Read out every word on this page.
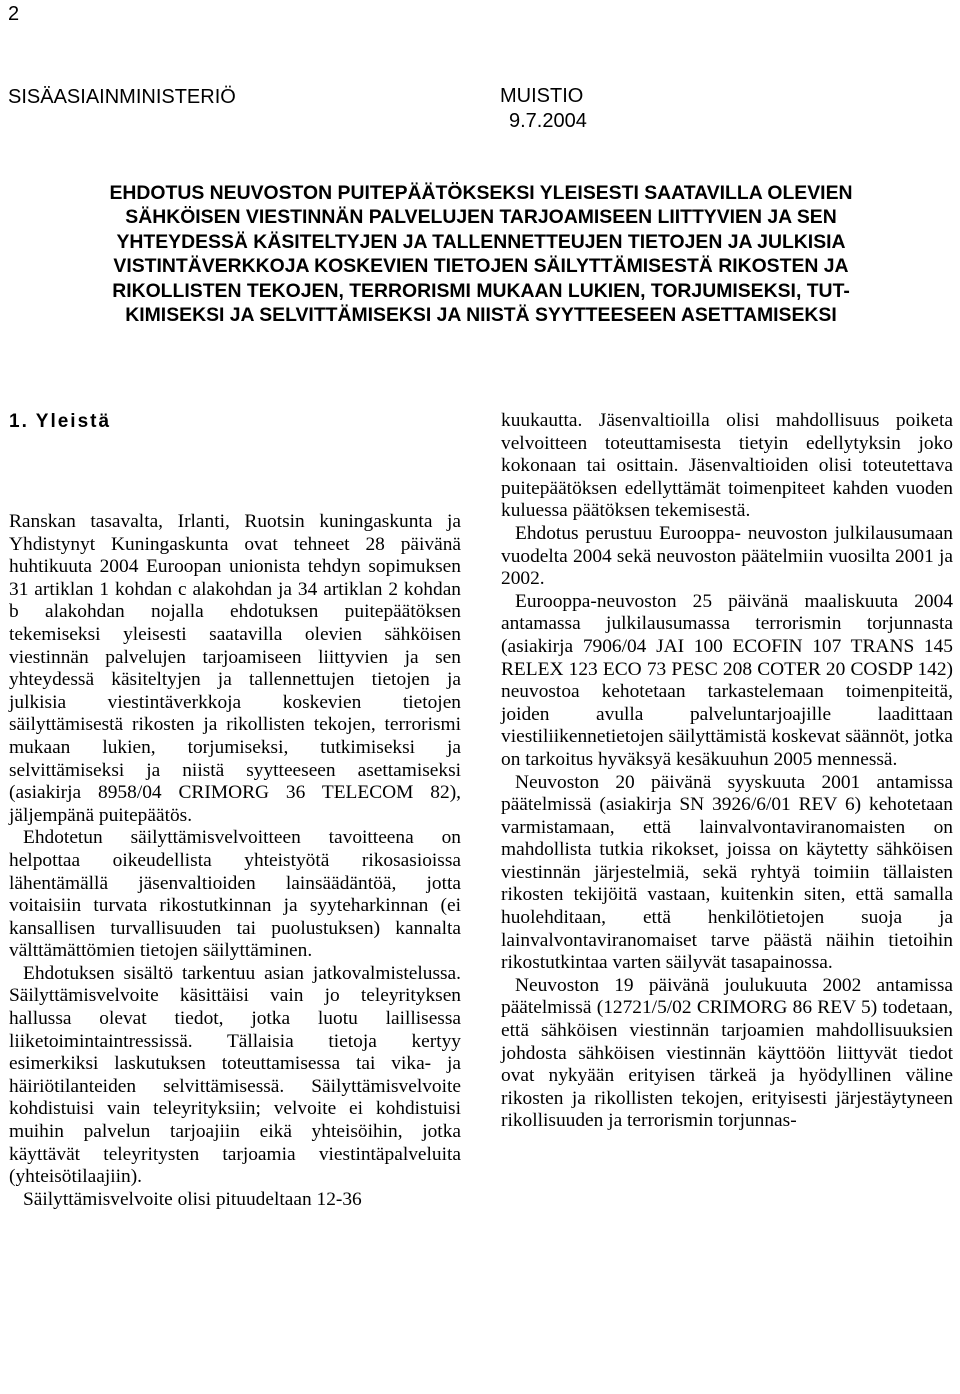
2
SISÄASIAINMINISTERIÖ	MUISTIO
9.7.2004
EHDOTUS NEUVOSTON PUITEPÄÄTÖKSEKSI YLEISESTI SAATAVILLA OLEVIEN
SÄHKÖISEN VIESTINNÄN PALVELUJEN TARJOAMISEEN LIITTYVIEN JA SEN
YHTEYDESSÄ KÄSITELTYJEN JA TALLENNETTEUJEN TIETOJEN JA JULKISIA
VISTINTÄVERKKOJA KOSKEVIEN TIETOJEN SÄILYTTÄMISESTÄ RIKOSTEN JA
RIKOLLISTEN TEKOJEN, TERRORISMI MUKAAN LUKIEN, TORJUMISEKSI, TUT-
KIMISEKSI JA SELVITTÄMISEKSI JA NIISTÄ SYYTTEESEEN ASETTAMISEKSI
1. Yleistä

Ranskan tasavalta, Irlanti, Ruotsin kuningaskunta ja Yhdistynyt Kuningaskunta ovat tehneet 28 päivänä huhtikuuta 2004 Euroopan unionista tehdyn sopimuksen 31 artiklan 1 kohdan c alakohdan ja 34 artiklan 2 kohdan b alakohdan nojalla ehdotuksen puitepäätöksen tekemiseksi yleisesti saatavilla olevien sähköisen viestinnän palvelujen tarjoamiseen liittyvien ja sen yhteydessä käsiteltyjen ja tallennettujen tietojen ja julkisia viestintäverkkoja koskevien tietojen säilyttämisestä rikosten ja rikollisten tekojen, terrorismi mukaan lukien, torjumiseksi, tutkimiseksi ja selvittämiseksi ja niistä syytteeseen asettamiseksi (asiakirja 8958/04 CRIMORG 36 TELECOM 82), jäljempänä puitepäätös.

Ehdotetun säilyttämisvelvoitteen tavoitteena on helpottaa oikeudellista yhteistyötä rikosasioissa lähentämällä jäsenvaltioiden lainsäädäntöä, jotta voitaisiin turvata rikostutkinnan ja syyteharkinnan (ei kansallisen turvallisuuden tai puolustuksen) kannalta välttämättömien tietojen säilyttäminen.

Ehdotuksen sisältö tarkentuu asian jatkovalmistelussa. Säilyttämisvelvoite käsittäisi vain jo teleyrityksen hallussa olevat tiedot, jotka luotu laillisessa liiketoimintaintressissä. Tällaisia tietoja kertyy esimerkiksi laskutuksen toteuttamisessa tai vika- ja häiriötilanteiden selvittämisessä. Säilyttämisvelvoite kohdistuisi vain teleyrityksiin; velvoite ei kohdistuisi muihin palvelun tarjoajiin eikä yhteisöihin, jotka käyttävät teleyritysten tarjoamia viestintäpalveluita (yhteisötilaajiin).

Säilyttämisvelvoite olisi pituudeltaan 12-36

kuukautta. Jäsenvaltioilla olisi mahdollisuus poiketa velvoitteen toteuttamisesta tietyin edellytyksin joko kokonaan tai osittain. Jäsenvaltioiden olisi toteutettava puitepäätöksen edellyttämät toimenpiteet kahden vuoden kuluessa päätöksen tekemisestä.

Ehdotus perustuu Eurooppa- neuvoston julkilausumaan vuodelta 2004 sekä neuvoston päätelmiin vuosilta 2001 ja 2002.

Eurooppa-neuvoston 25 päivänä maaliskuuta 2004 antamassa julkilausumassa terrorismin torjunnasta (asiakirja 7906/04 JAI 100 ECOFIN 107 TRANS 145 RELEX 123 ECO 73 PESC 208 COTER 20 COSDP 142) neuvostoa kehotetaan tarkastelemaan toimenpiteitä, joiden avulla palveluntarjoajille laadittaan viestiliikennetietojen säilyttämistä koskevat säännöt, jotka on tarkoitus hyväksyä kesäkuuhun 2005 mennessä.

Neuvoston 20 päivänä syyskuuta 2001 antamissa päätelmissä (asiakirja SN 3926/6/01 REV 6) kehotetaan varmistamaan, että lainvalvontaviranomaisten on mahdollista tutkia rikokset, joissa on käytetty sähköisen viestinnän järjestelmiä, sekä ryhtyä toimiin tällaisten rikosten tekijöitä vastaan, kuitenkin siten, että samalla huolehditaan, että henkilötietojen suoja ja lainvalvontaviranomaiset tarve päästä näihin tietoihin rikostutkintaa varten säilyvät tasapainossa.

Neuvoston 19 päivänä joulukuuta 2002 antamissa päätelmissä (12721/5/02 CRIMORG 86 REV 5) todetaan, että sähköisen viestinnän tarjoamien mahdollisuuksien johdosta sähköisen viestinnän käyttöön liittyvät tiedot ovat nykyään erityisen tärkeä ja hyödyllinen väline rikosten ja rikollisten tekojen, erityisesti järjestäytyneen rikollisuuden ja terrorismin torjunnas-
